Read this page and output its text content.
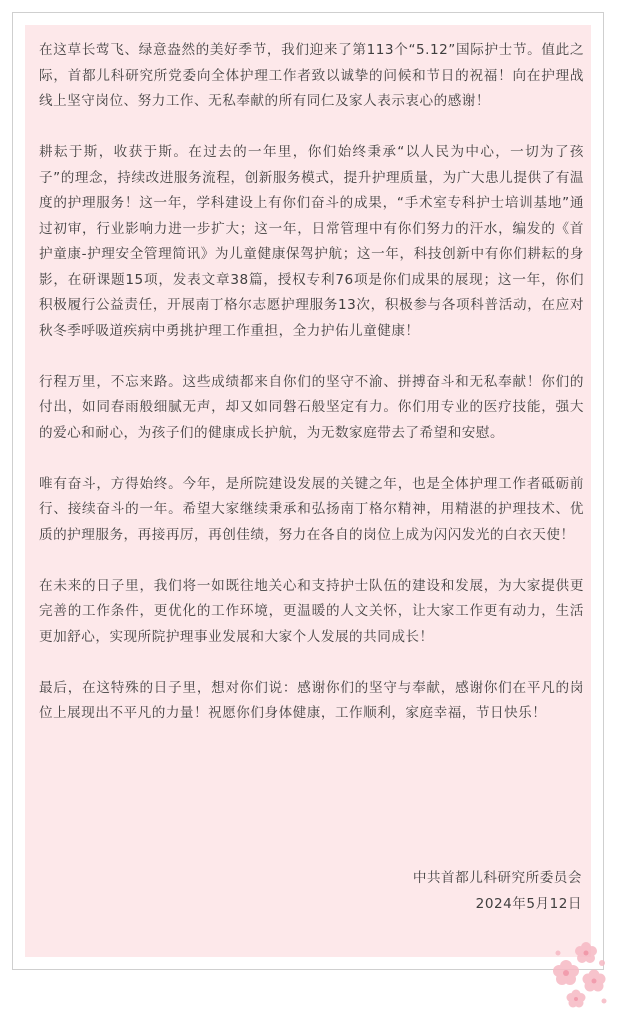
在这草长莺飞、绿意盎然的美好季节，我们迎来了第113个“5.12”国际护士节。值此之际，首都儿科研究所党委向全体护理工作者致以诚挚的问候和节日的祝福！向在护理战线上坚守岗位、努力工作、无私奉献的所有同仁及家人表示衷心的感谢！

耕耘于斯，收获于斯。在过去的一年里，你们始终秉承“以人民为中心，一切为了孩子”的理念，持续改进服务流程，创新服务模式，提升护理质量，为广大患儿提供了有温度的护理服务！这一年，学科建设上有你们奋斗的成果，“手术室专科护士培训基地”通过初审，行业影响力进一步扩大；这一年，日常管理中有你们努力的汗水，编发的《首护童康-护理安全管理简讯》为儿童健康保驾护航；这一年，科技创新中有你们耕耘的身影，在研课题15项，发表文章38篇，授权专利76项是你们成果的展现；这一年，你们积极履行公益责任，开展南丁格尔志愿护理服务13次，积极参与各项科普活动，在应对秋冬季呼吸道疾病中勇挑护理工作重担，全力护佑儿童健康！

行程万里，不忘来路。这些成绩都来自你们的坚守不渝、拼搏奋斗和无私奉献！你们的付出，如同春雨般细腻无声，却又如同磐石般坚定有力。你们用专业的医疗技能，强大的爱心和耐心，为孩子们的健康成长护航，为无数家庭带去了希望和安慰。

唯有奋斗，方得始终。今年，是所院建设发展的关键之年，也是全体护理工作者砥砺前行、接续奋斗的一年。希望大家继续秉承和弘扬南丁格尔精神，用精湛的护理技术、优质的护理服务，再接再厉，再创佳绩，努力在各自的岗位上成为闪闪发光的白衣天使！

在未来的日子里，我们将一如既往地关心和支持护士队伍的建设和发展，为大家提供更完善的工作条件，更优化的工作环境，更温暖的人文关怀，让大家工作更有动力，生活更加舒心，实现所院护理事业发展和大家个人发展的共同成长！

最后，在这特殊的日子里，想对你们说：感谢你们的坚守与奉献，感谢你们在平凡的岗位上展现出不平凡的力量！祝愿你们身体健康，工作顺利，家庭幸福，节日快乐！

中共首都儿科研究所委员会
2024年5月12日
